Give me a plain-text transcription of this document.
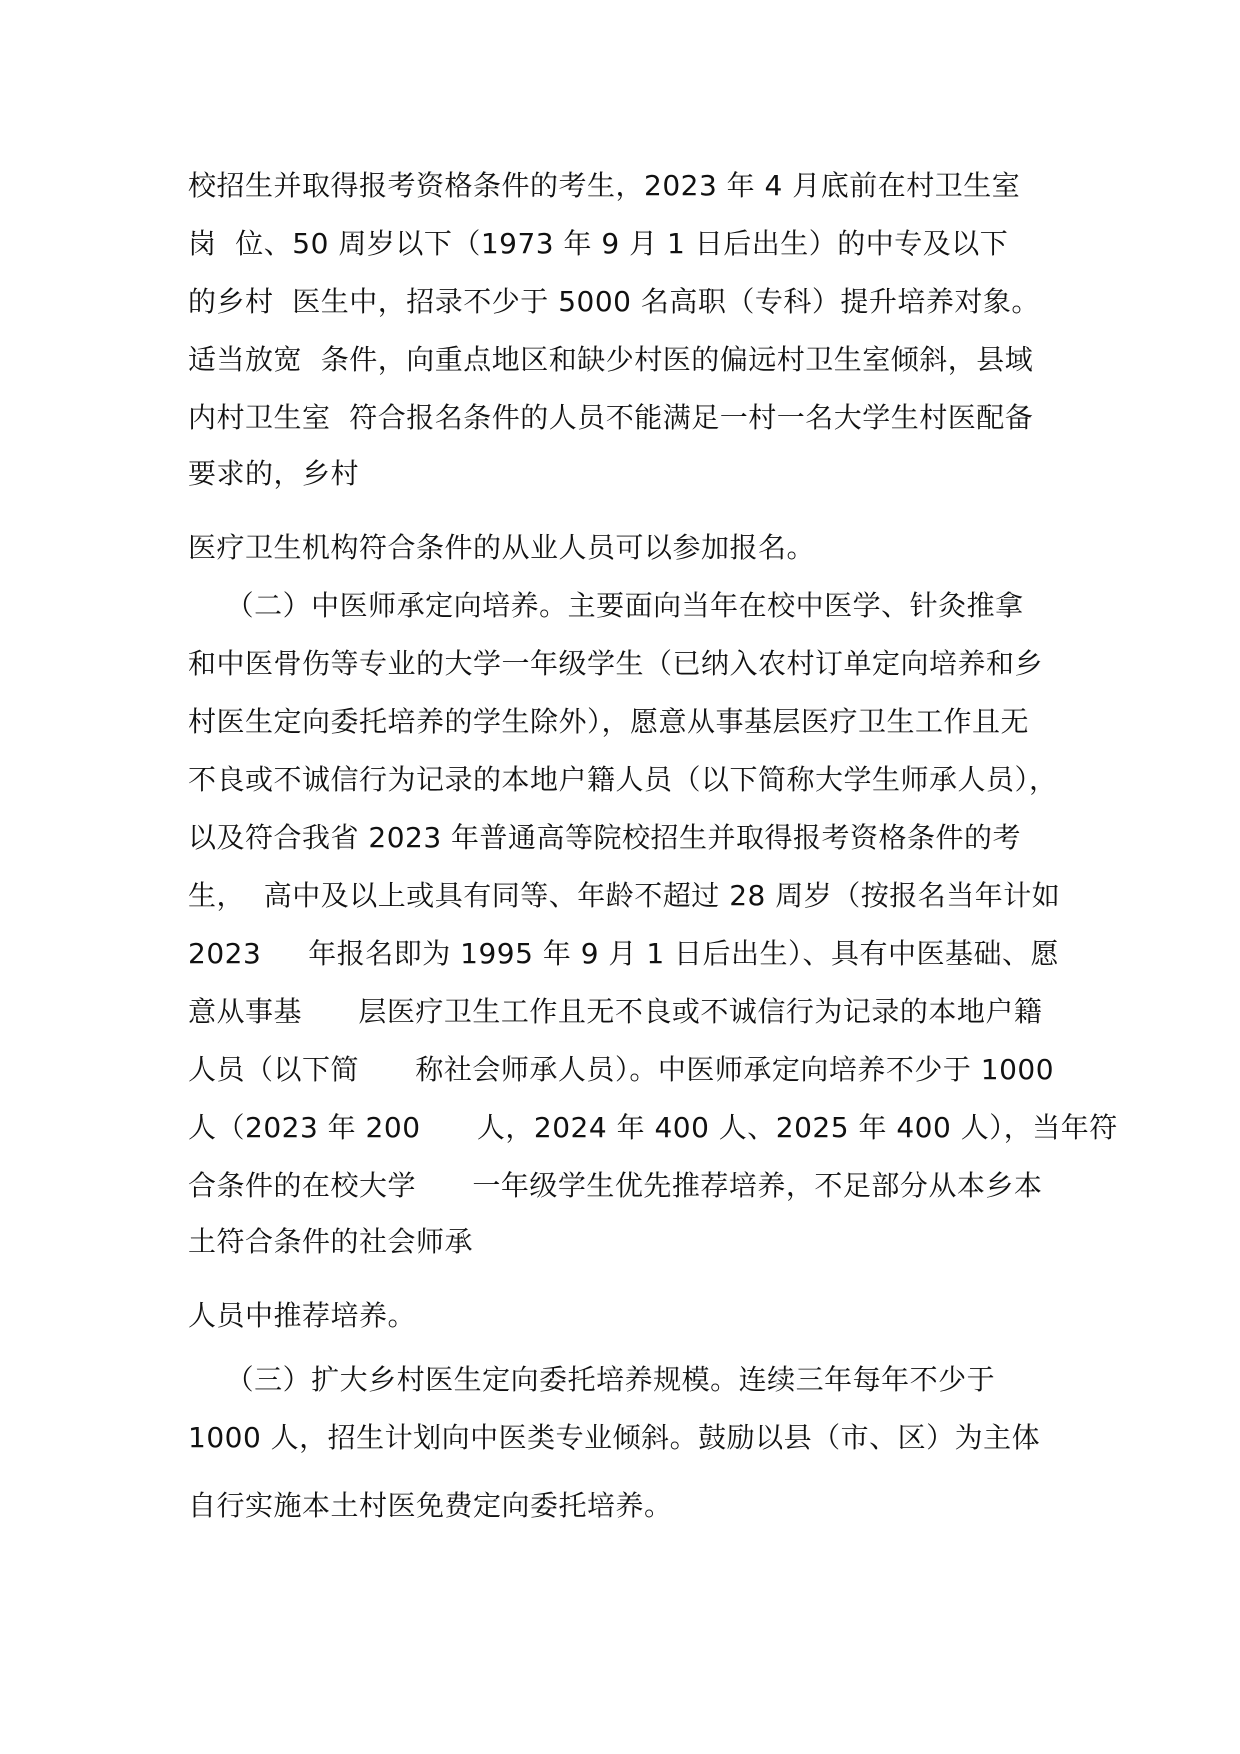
校招生并取得报考资格条件的考生，2023 年 4 月底前在村卫生室
岗  位、50 周岁以下（1973 年 9 月 1 日后出生）的中专及以下
的乡村  医生中，招录不少于 5000 名高职（专科）提升培养对象。
适当放宽  条件，向重点地区和缺少村医的偏远村卫生室倾斜，县域
内村卫生室  符合报名条件的人员不能满足一村一名大学生村医配备
要求的，乡村
医疗卫生机构符合条件的从业人员可以参加报名。
（二）中医师承定向培养。主要面向当年在校中医学、针灸推拿
和中医骨伤等专业的大学一年级学生（已纳入农村订单定向培养和乡
村医生定向委托培养的学生除外），愿意从事基层医疗卫生工作且无
不良或不诚信行为记录的本地户籍人员（以下简称大学生师承人员），
以及符合我省 2023 年普通高等院校招生并取得报考资格条件的考
生，  高中及以上或具有同等、年龄不超过 28 周岁（按报名当年计如
2023     年报名即为 1995 年 9 月 1 日后出生）、具有中医基础、愿
意从事基      层医疗卫生工作且无不良或不诚信行为记录的本地户籍
人员（以下简      称社会师承人员）。中医师承定向培养不少于 1000
人（2023 年 200      人，2024 年 400 人、2025 年 400 人），当年符
合条件的在校大学      一年级学生优先推荐培养，不足部分从本乡本
土符合条件的社会师承
人员中推荐培养。
（三）扩大乡村医生定向委托培养规模。连续三年每年不少于
1000 人，招生计划向中医类专业倾斜。鼓励以县（市、区）为主体
自行实施本土村医免费定向委托培养。
